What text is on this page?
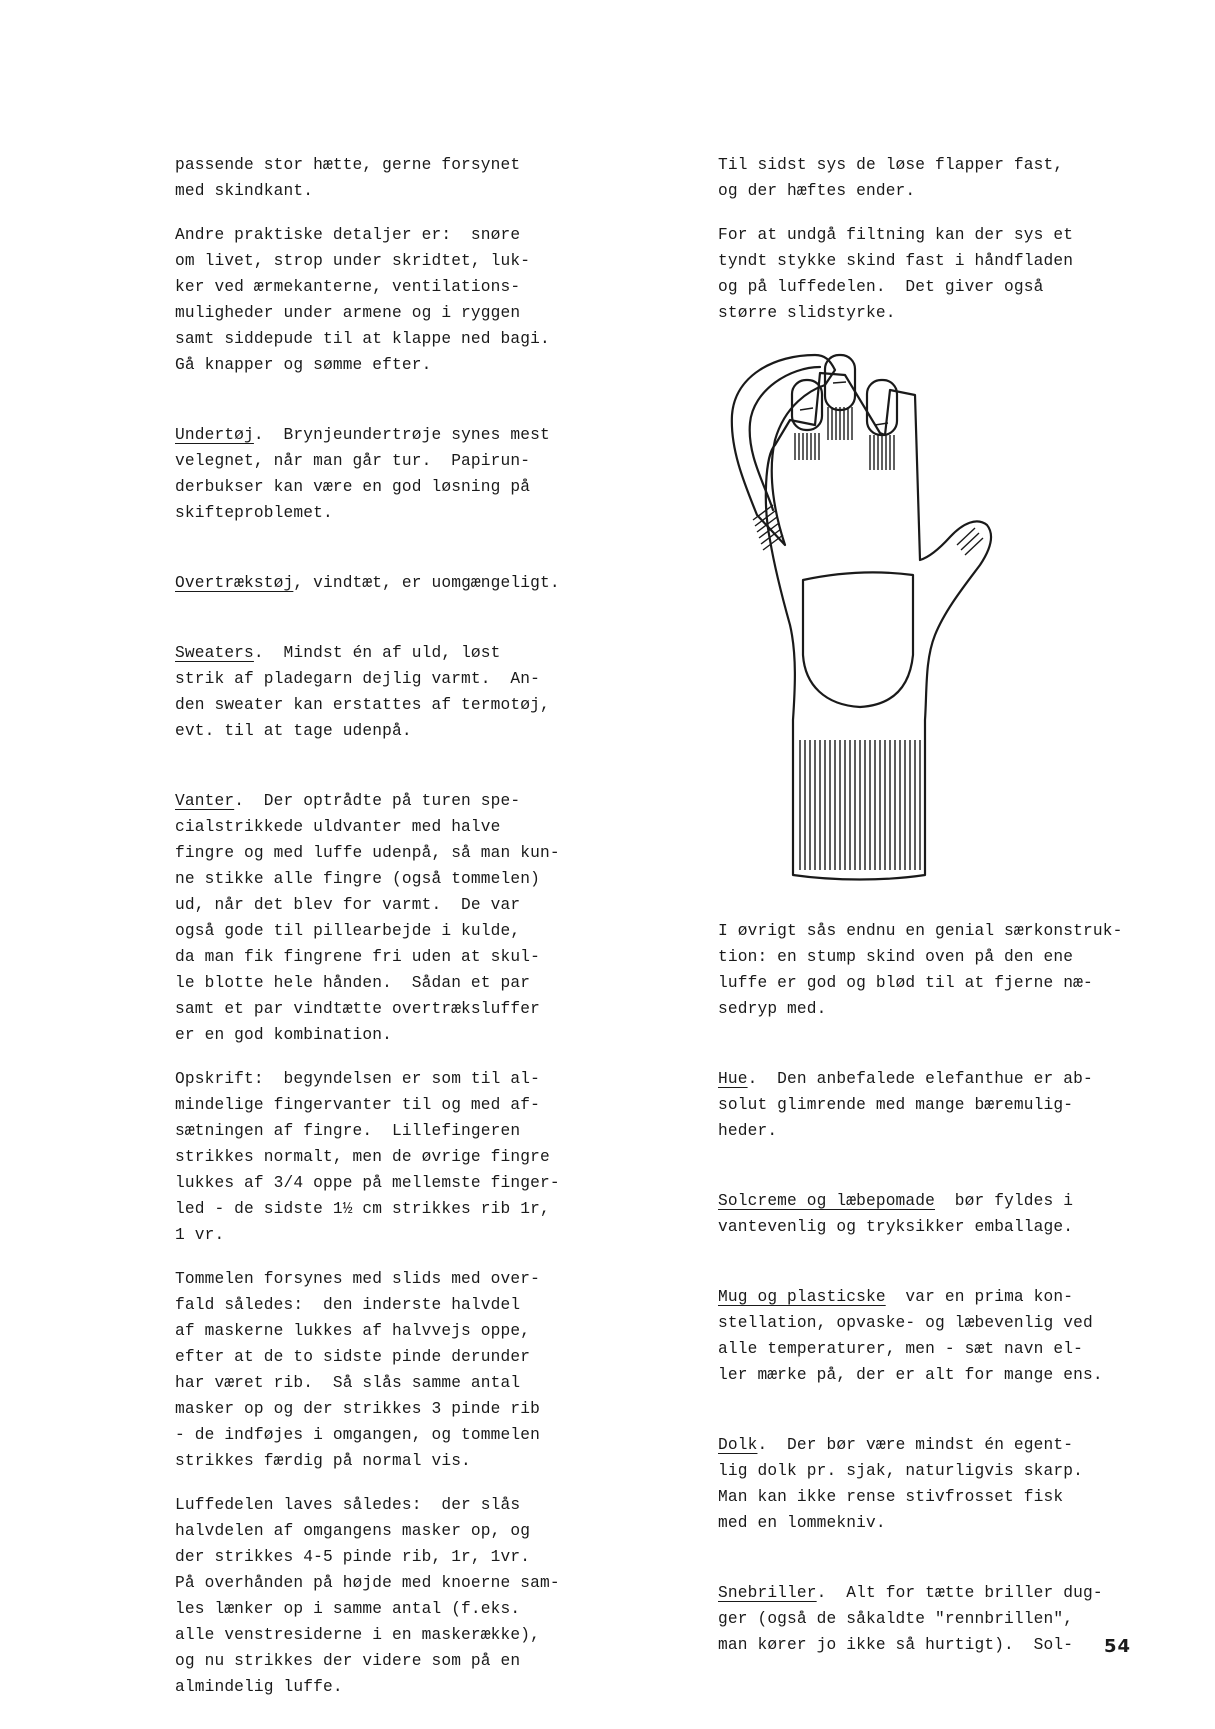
passende stor hætte, gerne forsynet
med skindkant.
Andre praktiske detaljer er:  snøre
om livet, strop under skridtet, luk-
ker ved ærmekanterne, ventilations-
muligheder under armene og i ryggen
samt siddepude til at klappe ned bagi.
Gå knapper og sømme efter.
Undertøj.  Brynjeundertrøje synes mest
velegnet, når man går tur.  Papirun-
derbukser kan være en god løsning på
skifteproblemet.
Overtrækstøj, vindtæt, er uomgængeligt.
Sweaters.  Mindst én af uld, løst
strik af pladegarn dejlig varmt.  An-
den sweater kan erstattes af termotøj,
evt. til at tage udenpå.
Vanter.  Der optrådte på turen spe-
cialstrikkede uldvanter med halve
fingre og med luffe udenpå, så man kun-
ne stikke alle fingre (også tommelen)
ud, når det blev for varmt.  De var
også gode til pillearbejde i kulde,
da man fik fingrene fri uden at skul-
le blotte hele hånden.  Sådan et par
samt et par vindtætte overtræksluffer
er en god kombination.
Opskrift:  begyndelsen er som til al-
mindelige fingervanter til og med af-
sætningen af fingre.  Lillefingeren
strikkes normalt, men de øvrige fingre
lukkes af 3/4 oppe på mellemste finger-
led - de sidste 1½ cm strikkes rib 1r,
1 vr.
Tommelen forsynes med slids med over-
fald således:  den inderste halvdel
af maskerne lukkes af halvvejs oppe,
efter at de to sidste pinde derunder
har været rib.  Så slås samme antal
masker op og der strikkes 3 pinde rib
- de indføjes i omgangen, og tommelen
strikkes færdig på normal vis.
Luffedelen laves således:  der slås
halvdelen af omgangens masker op, og
der strikkes 4-5 pinde rib, 1r, 1vr.
På overhånden på højde med knoerne sam-
les lænker op i samme antal (f.eks.
alle venstresiderne i en maskerække),
og nu strikkes der videre som på en
almindelig luffe.
Til sidst sys de løse flapper fast,
og der hæftes ender.
For at undgå filtning kan der sys et
tyndt stykke skind fast i håndfladen
og på luffedelen.  Det giver også
større slidstyrke.
I øvrigt sås endnu en genial særkonstruk-
tion: en stump skind oven på den ene
luffe er god og blød til at fjerne næ-
sedryp med.
Hue.  Den anbefalede elefanthue er ab-
solut glimrende med mange bæremulig-
heder.
Solcreme og læbepomade  bør fyldes i
vantevenlig og tryksikker emballage.
Mug og plasticske  var en prima kon-
stellation, opvaske- og læbevenlig ved
alle temperaturer, men - sæt navn el-
ler mærke på, der er alt for mange ens.
Dolk.  Der bør være mindst én egent-
lig dolk pr. sjak, naturligvis skarp.
Man kan ikke rense stivfrosset fisk
med en lommekniv.
Snebriller.  Alt for tætte briller dug-
ger (også de såkaldte "rennbrillen",
man kører jo ikke så hurtigt).  Sol-	54
